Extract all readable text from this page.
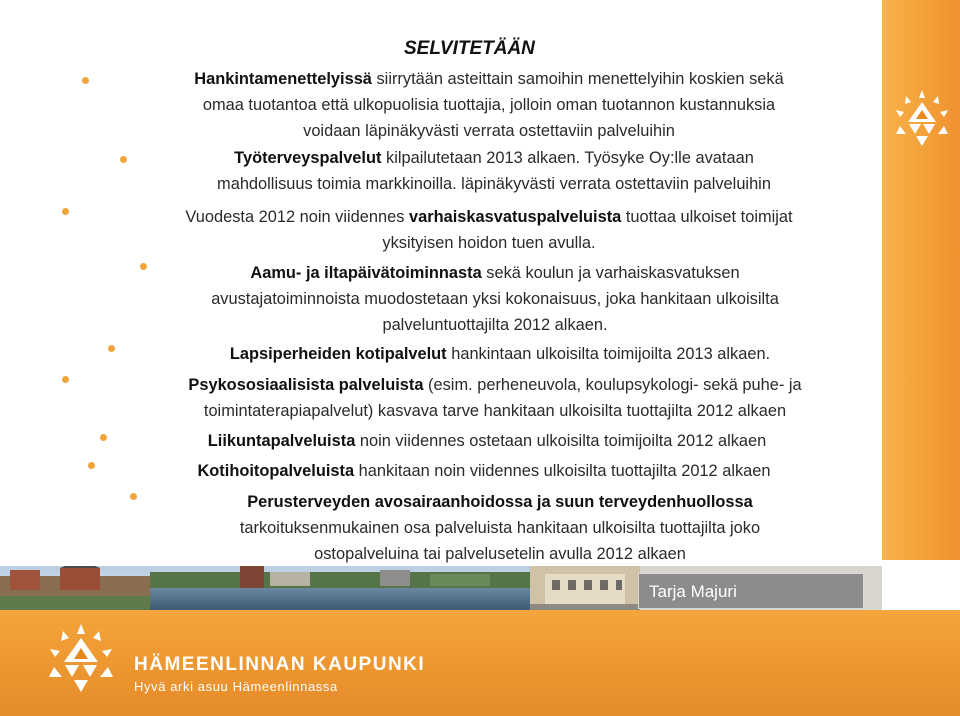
SELVITETÄÄN
Hankintamenettelyissä siirrytään asteittain samoihin menettelyihin koskien sekä
omaa tuotantoa että ulkopuolisia tuottajia, jolloin oman tuotannon kustannuksia
voidaan läpinäkyvästi verrata ostettaviin palveluihin
Työterveyspalvelut kilpailutetaan 2013 alkaen. Työsyke Oy:lle avataan
mahdollisuus toimia markkinoilla. läpinäkyvästi verrata ostettaviin palveluihin
Vuodesta 2012 noin viidennes varhaiskasvatuspalveluista tuottaa ulkoiset toimijat
yksityisen hoidon tuen avulla.
Aamu- ja iltapäivätoiminnasta sekä koulun ja varhaiskasvatuksen
avustajatoiminnoista muodostetaan yksi kokonaisuus, joka hankitaan ulkoisilta
palveluntuottajilta 2012 alkaen.
Lapsiperheiden kotipalvelut hankintaan ulkoisilta toimijoilta 2013 alkaen.
Psykososiaalisista palveluista (esim. perheneuvola, koulupsykologi- sekä puhe- ja
toimintaterapiapalvelut) kasvava tarve hankitaan ulkoisilta tuottajilta 2012 alkaen
Liikuntapalveluista noin viidennes ostetaan ulkoisilta toimijoilta 2012 alkaen
Kotihoitopalveluista hankitaan noin viidennes ulkoisilta tuottajilta 2012 alkaen
Perusterveyden avosairaanhoidossa ja suun terveydenhuollossa
tarkoituksenmukainen osa palveluista hankitaan ulkoisilta tuottajilta joko
ostopalveluina tai palvelusetelin avulla 2012 alkaen
Tarja Majuri
HÄMEENLINNAN KAUPUNKI
Hyvä arki asuu Hämeenlinnassa
